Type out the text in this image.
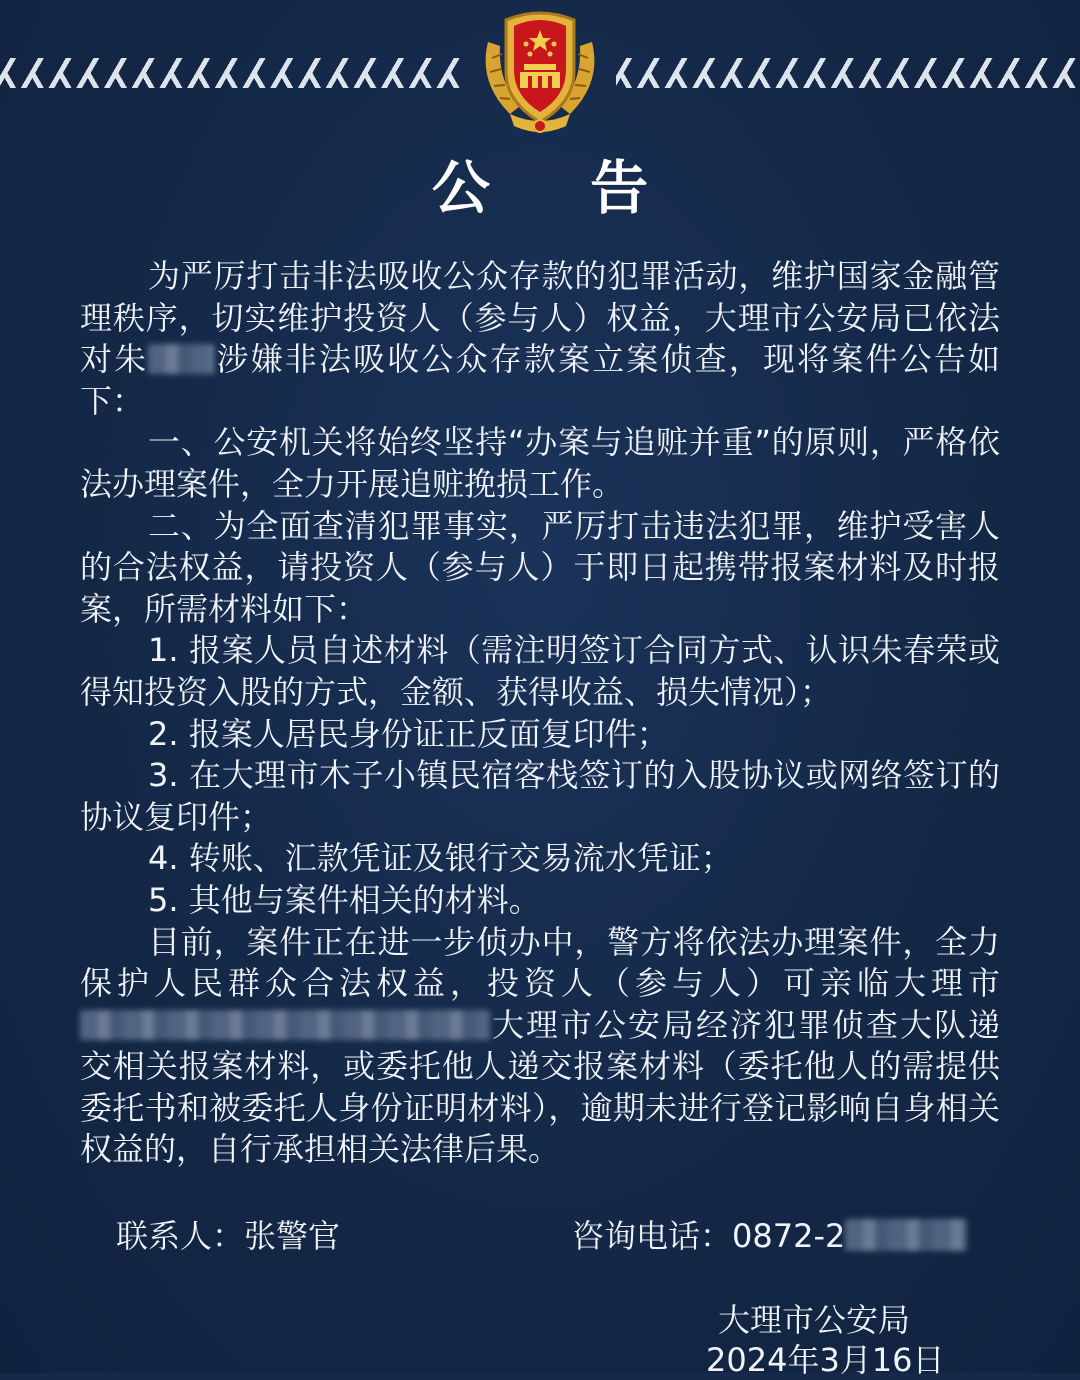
公 告

为严厉打击非法吸收公众存款的犯罪活动，维护国家金融管理秩序，切实维护投资人（参与人）权益，大理市公安局已依法对朱 涉嫌非法吸收公众存款案立案侦查，现将案件公告如下：

一、公安机关将始终坚持“办案与追赃并重”的原则，严格依法办理案件，全力开展追赃挽损工作。

二、为全面查清犯罪事实，严厉打击违法犯罪，维护受害人的合法权益，请投资人（参与人）于即日起携带报案材料及时报案，所需材料如下：

1. 报案人员自述材料（需注明签订合同方式、认识朱春荣或得知投资入股的方式，金额、获得收益、损失情况）；

2. 报案人居民身份证正反面复印件；

3. 在大理市木子小镇民宿客栈签订的入股协议或网络签订的协议复印件；

4. 转账、汇款凭证及银行交易流水凭证；

5. 其他与案件相关的材料。

目前，案件正在进一步侦办中，警方将依法办理案件，全力保护人民群众合法权益，投资人（参与人）可亲临大理市大理市公安局经济犯罪侦查大队递交相关报案材料，或委托他人递交报案材料（委托他人的需提供委托书和被委托人身份证明材料），逾期未进行登记影响自身相关权益的，自行承担相关法律后果。

联系人：张警官	咨询电话：0872-2
大理市公安局
2024年3月16日
